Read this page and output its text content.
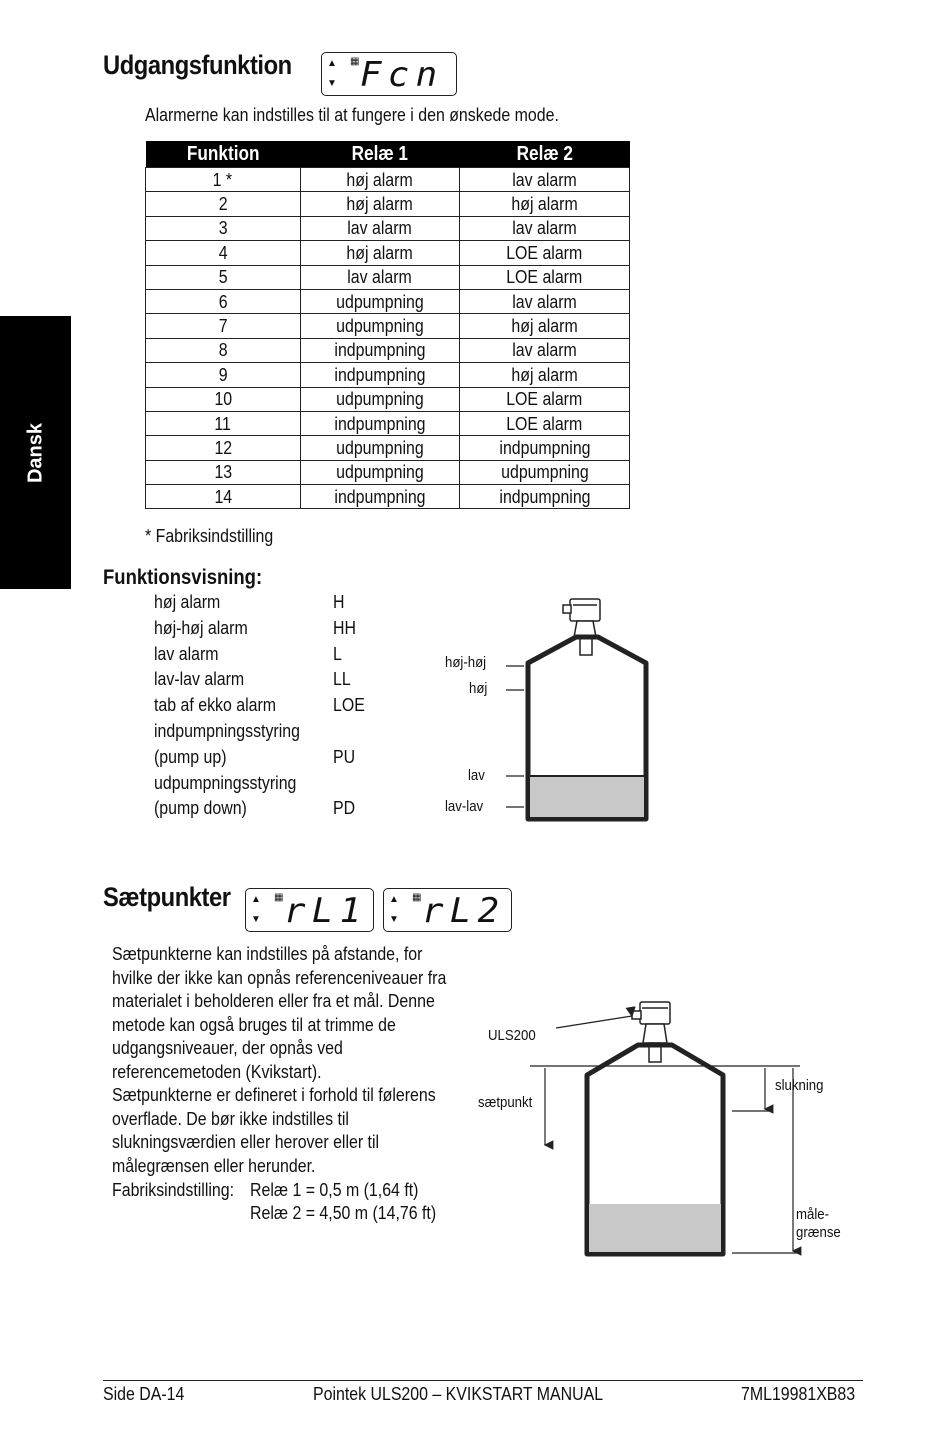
Udgangsfunktion	▲
▼
▦ Fcn
Alarmerne kan indstilles til at fungere i den ønskede mode.
Funktion	Relæ 1	Relæ 2
1 *	høj alarm	lav alarm
2	høj alarm	høj alarm
3	lav alarm	lav alarm
4	høj alarm	LOE alarm
5	lav alarm	LOE alarm
6	udpumpning	lav alarm
7	udpumpning	høj alarm
8	indpumpning	lav alarm
9	indpumpning	høj alarm
10	udpumpning	LOE alarm
11	indpumpning	LOE alarm
12	udpumpning	indpumpning
13	udpumpning	udpumpning
14	indpumpning	indpumpning
* Fabriksindstilling
Dansk
Funktionsvisning:
høj alarm	H
høj-høj alarm	HH
lav alarm	L
lav-lav alarm	LL
tab af ekko alarm	LOE
indpumpningsstyring
(pump up)	PU
udpumpningsstyring
(pump down)	PD
høj-høj
høj
lav
lav-lav
Sætpunkter ▲
▼
▦ rL1 ▲
▼
▦ rL2
Sætpunkterne kan indstilles på afstande, for
hvilke der ikke kan opnås referenceniveauer fra
materialet i beholderen eller fra et mål. Denne
metode kan også bruges til at trimme de
udgangsniveauer, der opnås ved
referencemetoden (Kvikstart).
Sætpunkterne er defineret i forhold til følerens
overflade. De bør ikke indstilles til
slukningsværdien eller herover eller til
målegrænsen eller herunder.
Fabriksindstilling: Relæ 1 = 0,5 m (1,64 ft)
Relæ 2 = 4,50 m (14,76 ft)
ULS200
sætpunkt
slukning
måle-
grænse
Side DA-14	Pointek ULS200 – KVIKSTART MANUAL	7ML19981XB83
